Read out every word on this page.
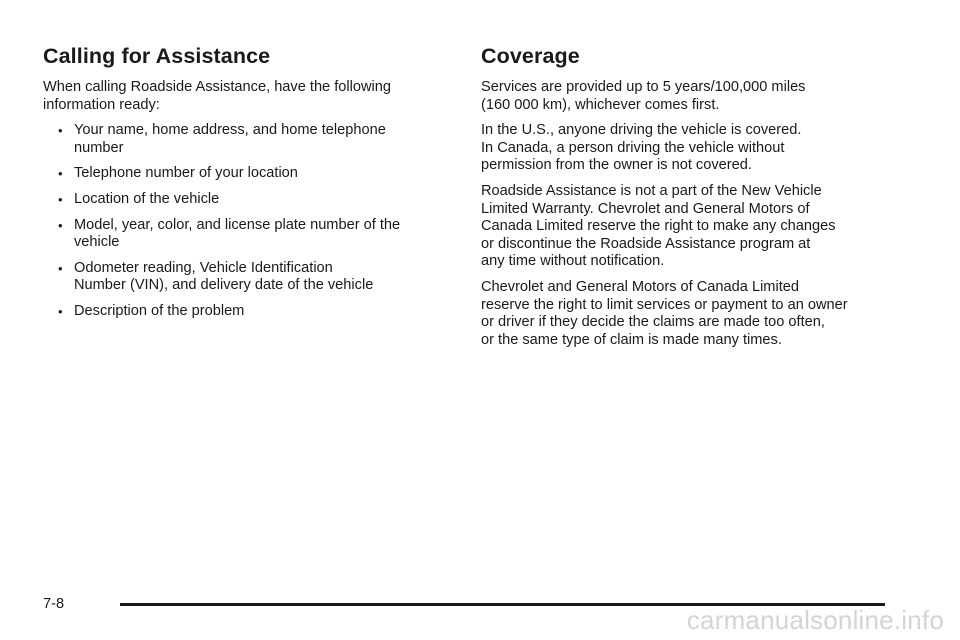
Calling for Assistance

When calling Roadside Assistance, have the following
information ready:

• Your name, home address, and home telephone
number
• Telephone number of your location
• Location of the vehicle
• Model, year, color, and license plate number of the
vehicle
• Odometer reading, Vehicle Identification
Number (VIN), and delivery date of the vehicle
• Description of the problem
Coverage

Services are provided up to 5 years/100,000 miles
(160 000 km), whichever comes first.

In the U.S., anyone driving the vehicle is covered.
In Canada, a person driving the vehicle without
permission from the owner is not covered.

Roadside Assistance is not a part of the New Vehicle
Limited Warranty. Chevrolet and General Motors of
Canada Limited reserve the right to make any changes
or discontinue the Roadside Assistance program at
any time without notification.

Chevrolet and General Motors of Canada Limited
reserve the right to limit services or payment to an owner
or driver if they decide the claims are made too often,
or the same type of claim is made many times.

7-8
carmanualsonline.info
